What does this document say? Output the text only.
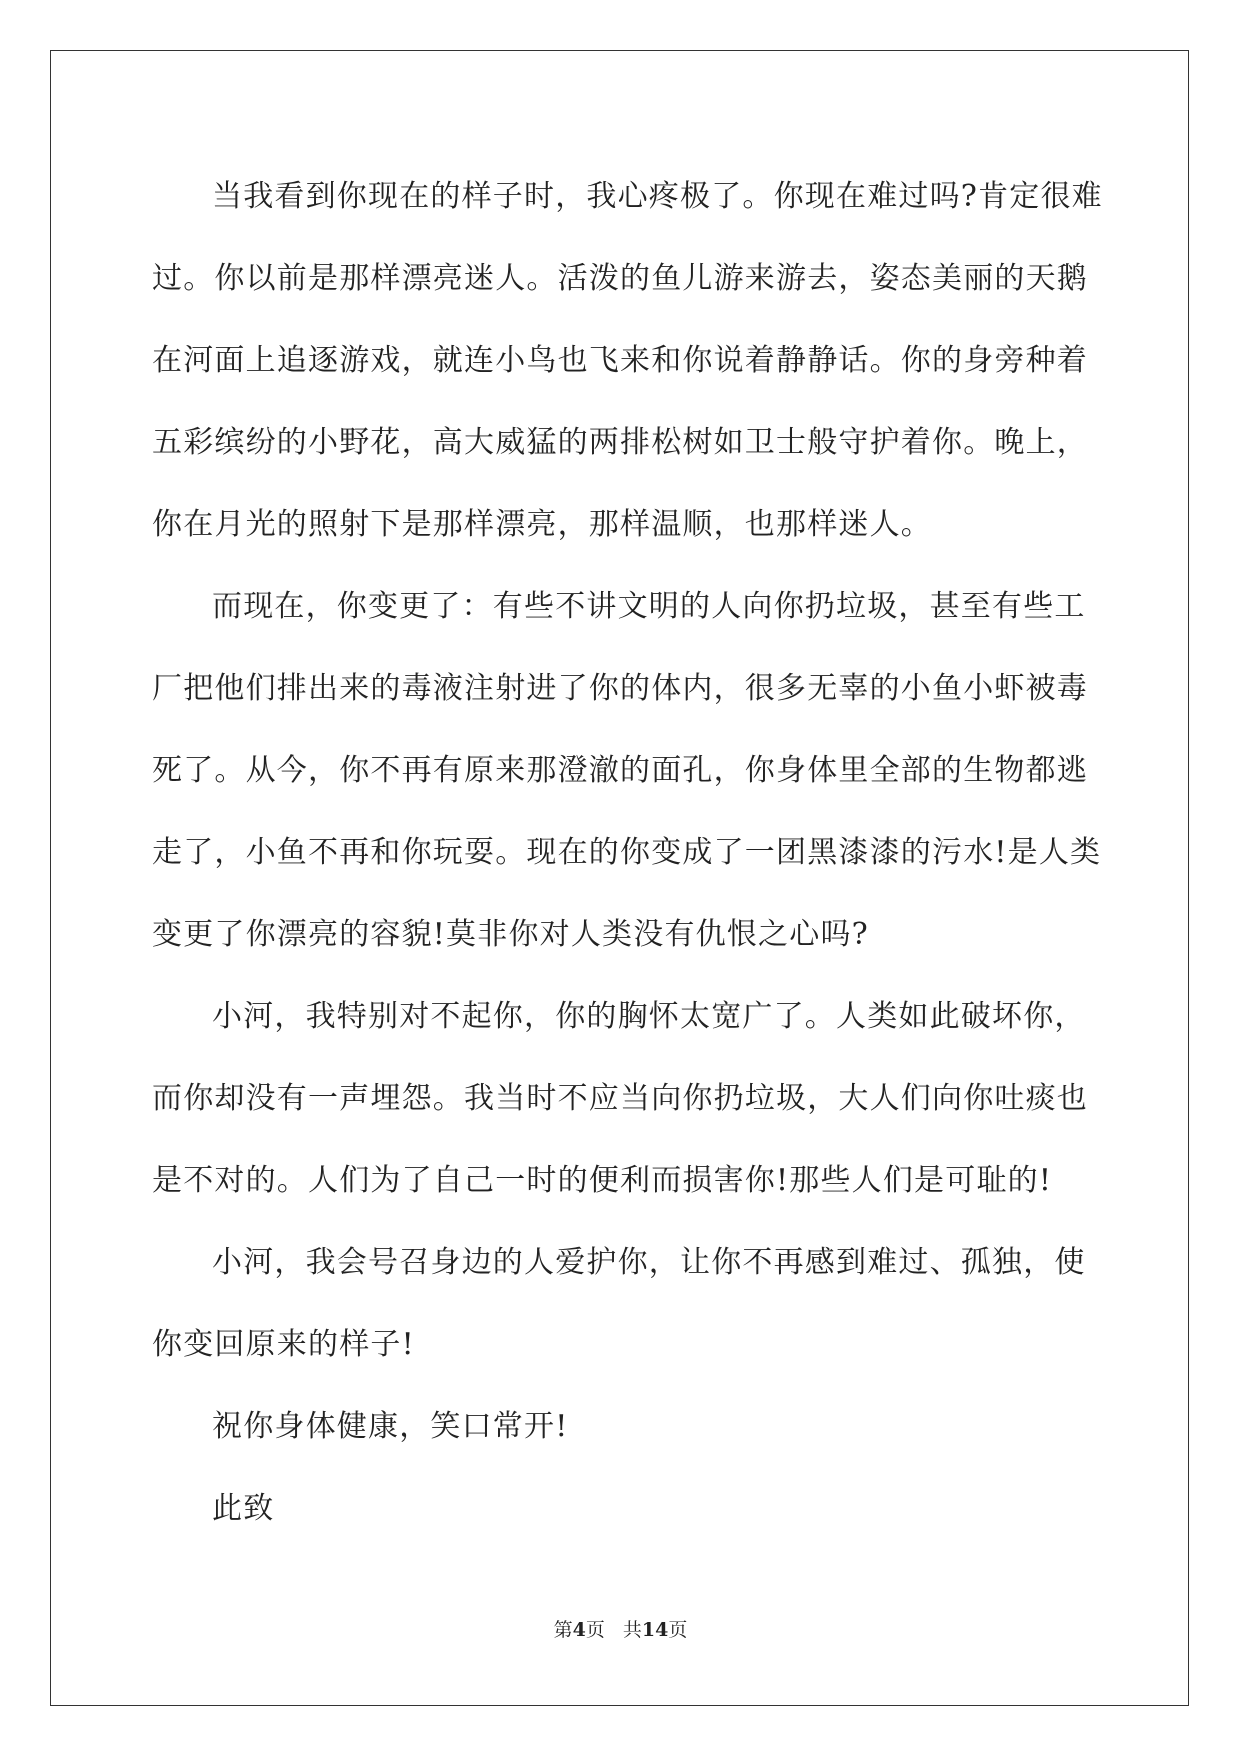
当我看到你现在的样子时，我心疼极了。你现在难过吗?肯定很难
过。你以前是那样漂亮迷人。活泼的鱼儿游来游去，姿态美丽的天鹅
在河面上追逐游戏，就连小鸟也飞来和你说着静静话。你的身旁种着
五彩缤纷的小野花，高大威猛的两排松树如卫士般守护着你。晚上，
你在月光的照射下是那样漂亮，那样温顺，也那样迷人。

而现在，你变更了：有些不讲文明的人向你扔垃圾，甚至有些工
厂把他们排出来的毒液注射进了你的体内，很多无辜的小鱼小虾被毒
死了。从今，你不再有原来那澄澈的面孔，你身体里全部的生物都逃
走了，小鱼不再和你玩耍。现在的你变成了一团黑漆漆的污水!是人类
变更了你漂亮的容貌!莫非你对人类没有仇恨之心吗?

小河，我特别对不起你，你的胸怀太宽广了。人类如此破坏你，
而你却没有一声埋怨。我当时不应当向你扔垃圾，大人们向你吐痰也
是不对的。人们为了自己一时的便利而损害你!那些人们是可耻的!

小河，我会号召身边的人爱护你，让你不再感到难过、孤独，使
你变回原来的样子!

祝你身体健康，笑口常开!

此致

第4页 共14页
